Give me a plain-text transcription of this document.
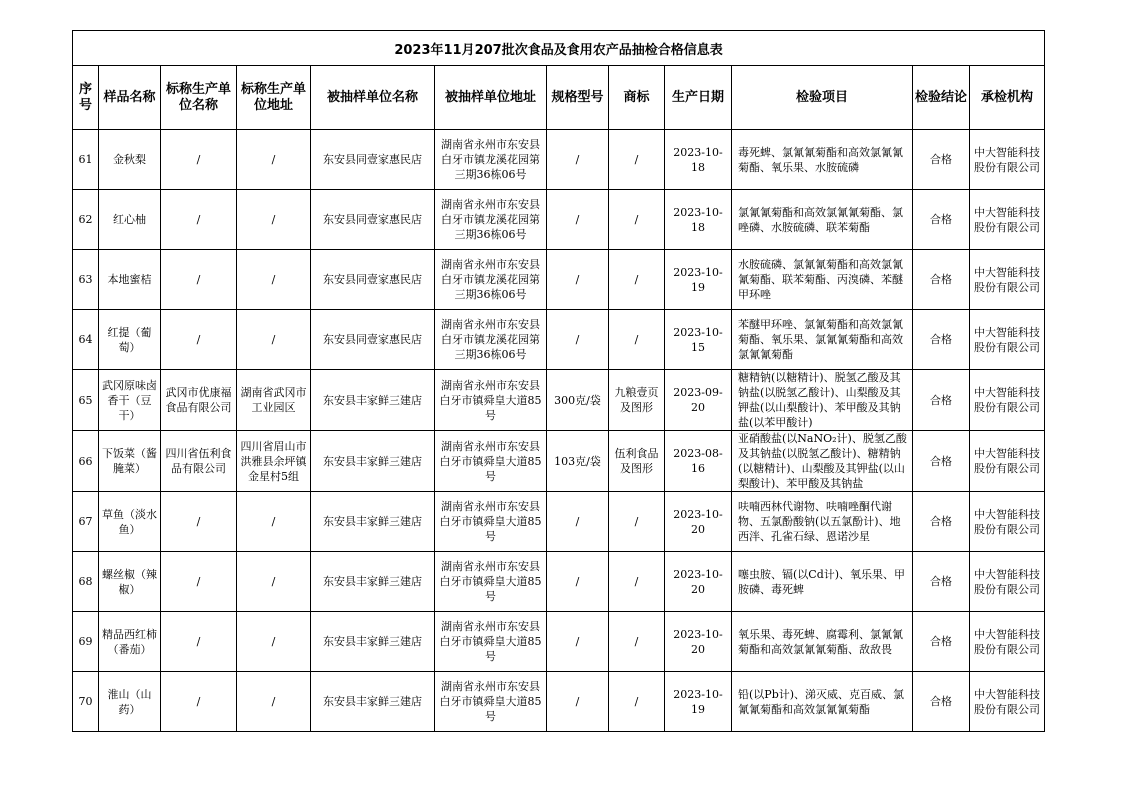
2023年11月207批次食品及食用农产品抽检合格信息表											
序号	样品名称	标称生产单位名称	标称生产单位地址	被抽样单位名称	被抽样单位地址	规格型号	商标	生产日期	检验项目	检验结论	承检机构
61	金秋梨	/	/	东安县同壹家惠民店	湖南省永州市东安县白牙市镇龙溪花园第三期36栋06号	/	/	2023-10-18	毒死蜱、氯氰氰菊酯和高效氯氰氰菊酯、氧乐果、水胺硫磷	合格	中大智能科技股份有限公司
62	红心柚	/	/	东安县同壹家惠民店	湖南省永州市东安县白牙市镇龙溪花园第三期36栋06号	/	/	2023-10-18	氯氰氰菊酯和高效氯氰氰菊酯、氯唑磷、水胺硫磷、联苯菊酯	合格	中大智能科技股份有限公司
63	本地蜜桔	/	/	东安县同壹家惠民店	湖南省永州市东安县白牙市镇龙溪花园第三期36栋06号	/	/	2023-10-19	水胺硫磷、氯氰氰菊酯和高效氯氰氰菊酯、联苯菊酯、丙溴磷、苯醚甲环唑	合格	中大智能科技股份有限公司
64	红提（葡萄）	/	/	东安县同壹家惠民店	湖南省永州市东安县白牙市镇龙溪花园第三期36栋06号	/	/	2023-10-15	苯醚甲环唑、氯氰菊酯和高效氯氰菊酯、氧乐果、氯氰氰菊酯和高效氯氰氰菊酯	合格	中大智能科技股份有限公司
65	武冈原味卤香干（豆干）	武冈市优康福食品有限公司	湖南省武冈市工业园区	东安县丰家鲜三建店	湖南省永州市东安县白牙市镇舜皇大道85号	300克/袋	九粮壹页及图形	2023-09-20	糖精钠(以糖精计)、脱氢乙酸及其钠盐(以脱氢乙酸计)、山梨酸及其钾盐(以山梨酸计)、苯甲酸及其钠盐(以苯甲酸计)	合格	中大智能科技股份有限公司
66	下饭菜（酱腌菜）	四川省伍利食品有限公司	四川省眉山市洪雅县余坪镇金星村5组	东安县丰家鲜三建店	湖南省永州市东安县白牙市镇舜皇大道85号	103克/袋	伍利食品及图形	2023-08-16	亚硝酸盐(以NaNO₂计)、脱氢乙酸及其钠盐(以脱氢乙酸计)、糖精钠(以糖精计)、山梨酸及其钾盐(以山梨酸计)、苯甲酸及其钠盐	合格	中大智能科技股份有限公司
67	草鱼（淡水鱼）	/	/	东安县丰家鲜三建店	湖南省永州市东安县白牙市镇舜皇大道85号	/	/	2023-10-20	呋喃西林代谢物、呋喃唑酮代谢物、五氯酚酸钠(以五氯酚计)、地西泮、孔雀石绿、恩诺沙星	合格	中大智能科技股份有限公司
68	螺丝椒（辣椒）	/	/	东安县丰家鲜三建店	湖南省永州市东安县白牙市镇舜皇大道85号	/	/	2023-10-20	噻虫胺、镉(以Cd计)、氧乐果、甲胺磷、毒死蜱	合格	中大智能科技股份有限公司
69	精品西红柿（番茄）	/	/	东安县丰家鲜三建店	湖南省永州市东安县白牙市镇舜皇大道85号	/	/	2023-10-20	氧乐果、毒死蜱、腐霉利、氯氰氰菊酯和高效氯氰氰菊酯、敌敌畏	合格	中大智能科技股份有限公司
70	淮山（山药）	/	/	东安县丰家鲜三建店	湖南省永州市东安县白牙市镇舜皇大道85号	/	/	2023-10-19	铅(以Pb计)、涕灭威、克百威、氯氰氰菊酯和高效氯氰氰菊酯	合格	中大智能科技股份有限公司
